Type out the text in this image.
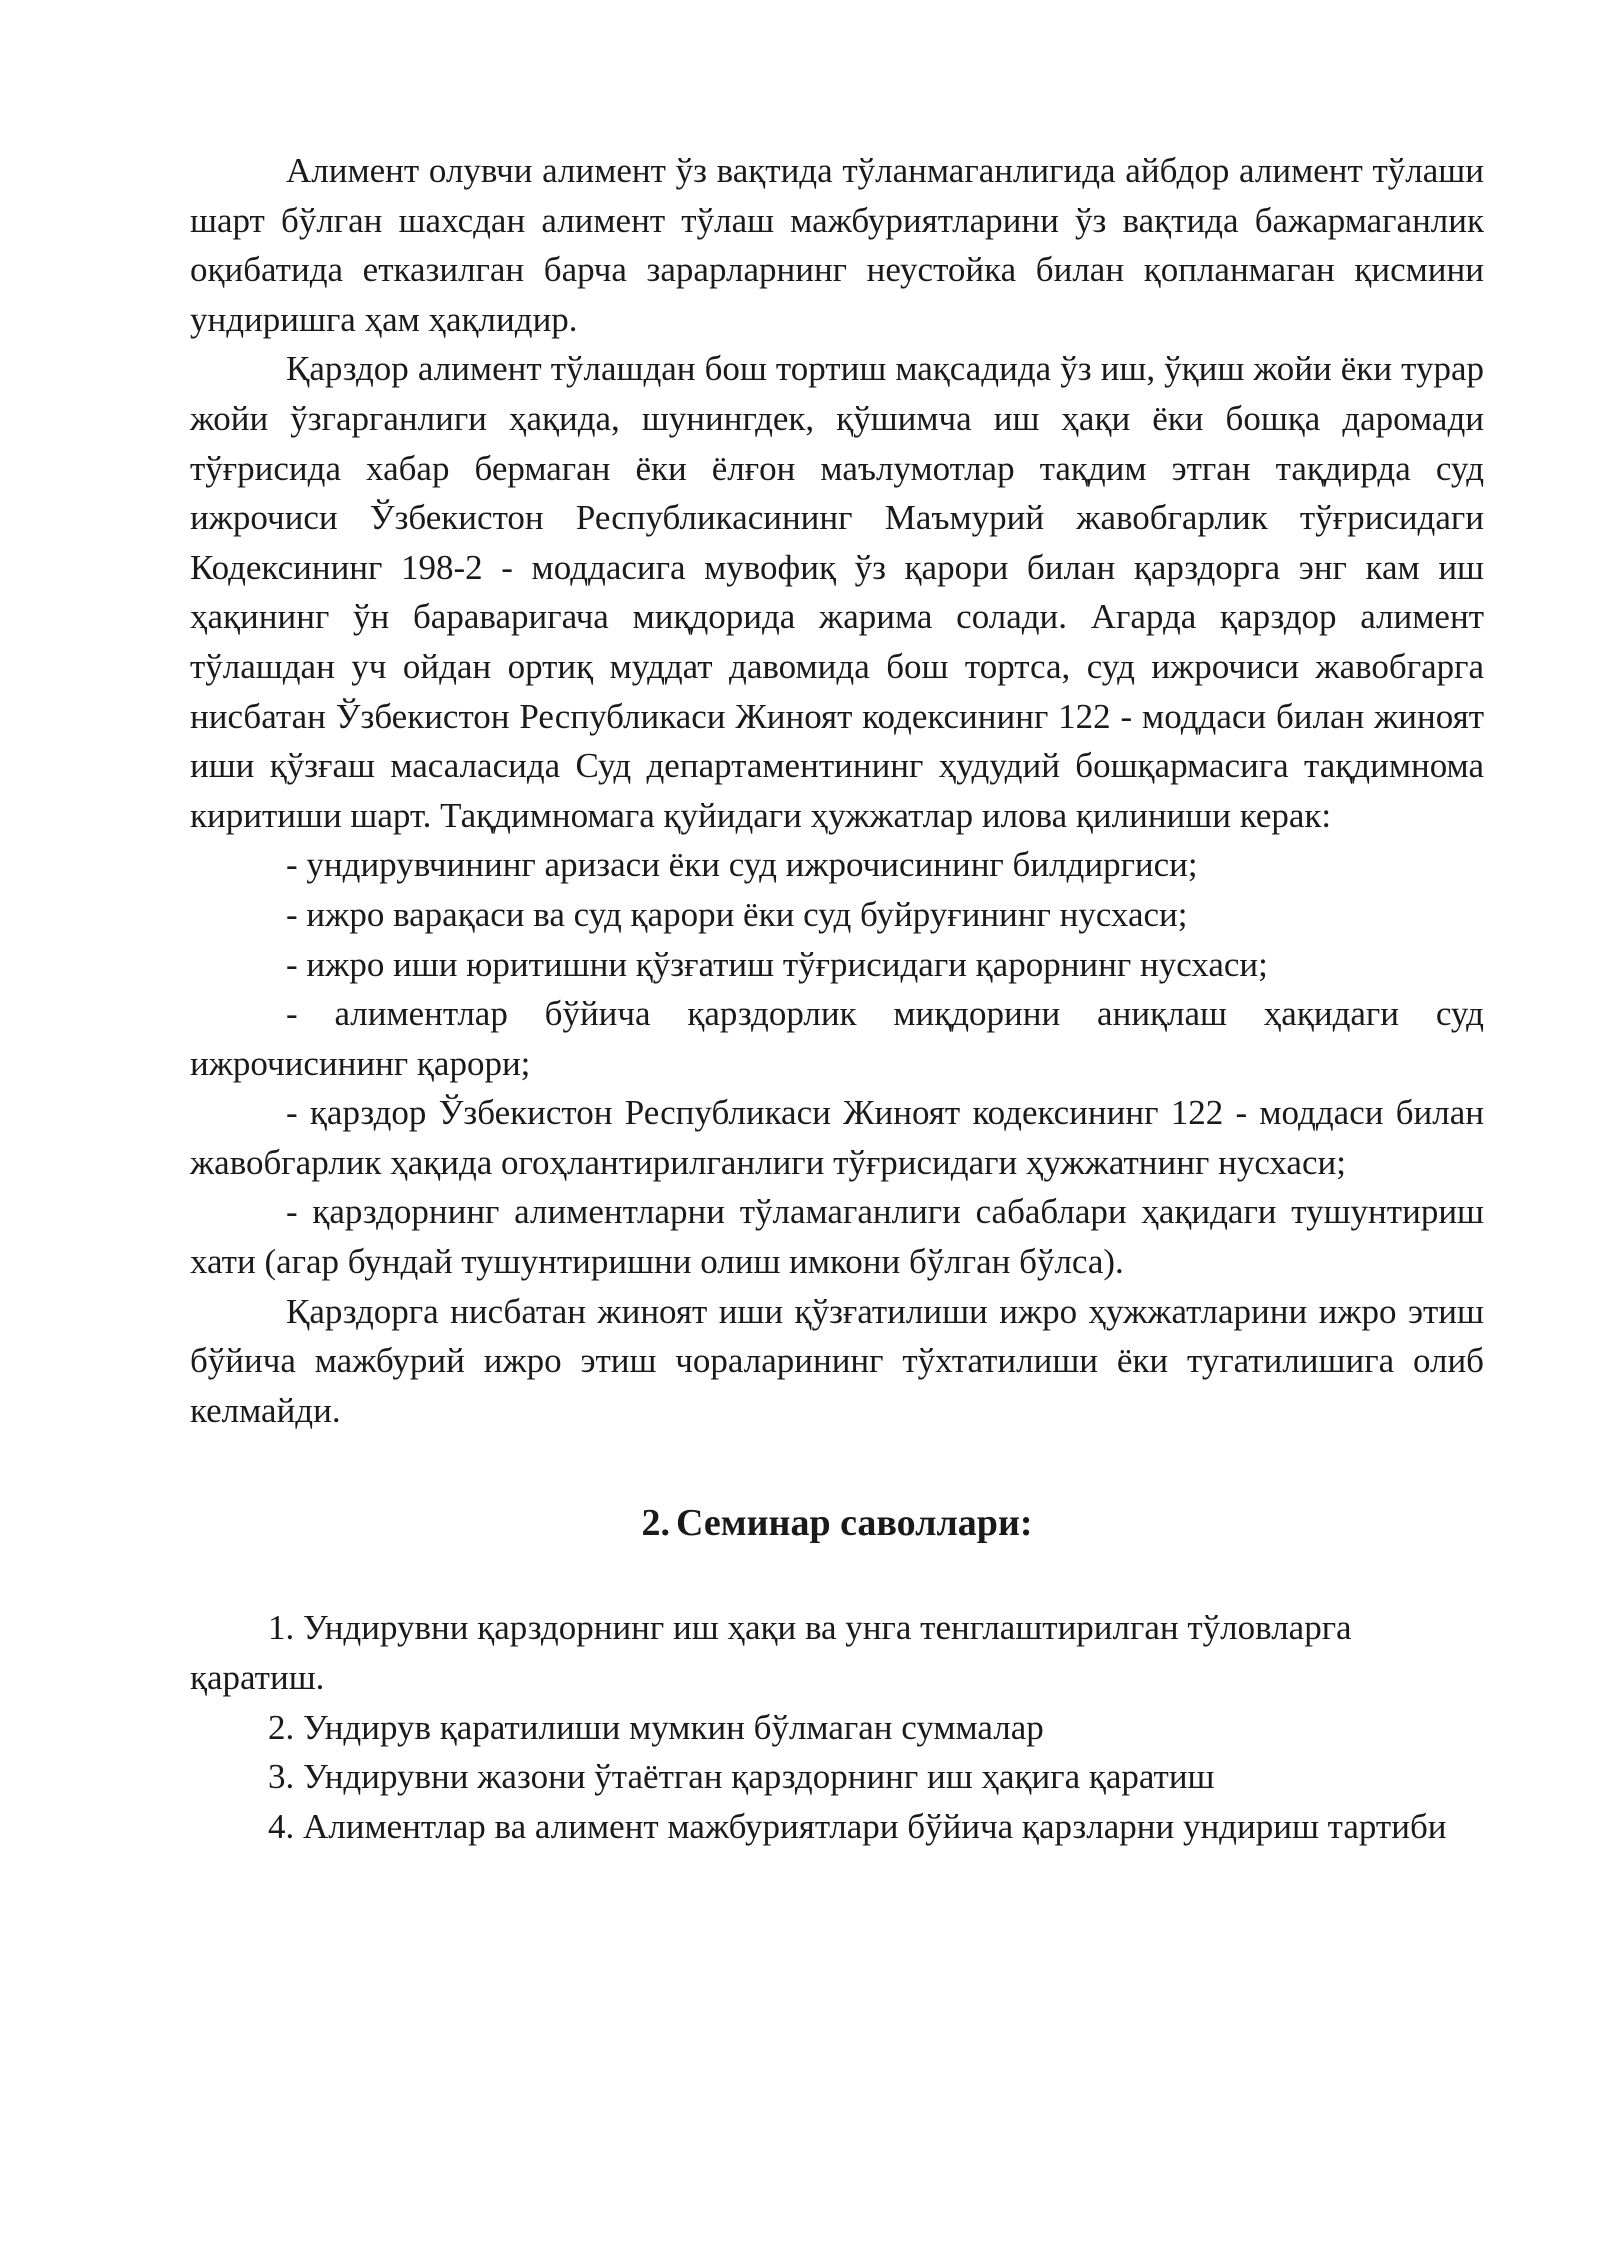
Алимент олувчи алимент ўз вақтида тўланмаганлигида айбдор алимент тўлаши шарт бўлган шахсдан алимент тўлаш мажбуриятларини ўз вақтида бажармаганлик оқибатида етказилган барча зарарларнинг неустойка билан қопланмаган қисмини ундиришга ҳам ҳақлидир.

Қарздор алимент тўлашдан бош тортиш мақсадида ўз иш, ўқиш жойи ёки турар жойи ўзгарганлиги ҳақида, шунингдек, қўшимча иш ҳақи ёки бошқа даромади тўғрисида хабар бермаган ёки ёлғон маълумотлар тақдим этган тақдирда суд ижрочиси Ўзбекистон Республикасининг Маъмурий жавобгарлик тўғрисидаги Кодексининг 198-2 - моддасига мувофиқ ўз қарори билан қарздорга энг кам иш ҳақининг ўн бараваригача миқдорида жарима солади. Агарда қарздор алимент тўлашдан уч ойдан ортиқ муддат давомида бош тортса, суд ижрочиси жавобгарга нисбатан Ўзбекистон Республикаси Жиноят кодексининг 122 - моддаси билан жиноят иши қўзғаш масаласида Суд департаментининг ҳудудий бошқармасига тақдимнома киритиши шарт. Тақдимномага қуйидаги ҳужжатлар илова қилиниши керак:

- ундирувчининг аризаси ёки суд ижрочисининг билдиргиси;

- ижро варақаси ва суд қарори ёки суд буйруғининг нусхаси;

- ижро иши юритишни қўзғатиш тўғрисидаги қарорнинг нусхаси;

- алиментлар бўйича қарздорлик миқдорини аниқлаш ҳақидаги суд ижрочисининг қарори;

- қарздор Ўзбекистон Республикаси Жиноят кодексининг 122 - моддаси билан жавобгарлик ҳақида огоҳлантирилганлиги тўғрисидаги ҳужжатнинг нусхаси;

- қарздорнинг алиментларни тўламаганлиги сабаблари ҳақидаги тушунтириш хати (агар бундай тушунтиришни олиш имкони бўлган бўлса).

Қарздорга нисбатан жиноят иши қўзғатилиши ижро ҳужжатларини ижро этиш бўйича мажбурий ижро этиш чораларининг тўхтатилиши ёки тугатилишига олиб келмайди.

2. Семинар саволлари:

1. Ундирувни қарздорнинг иш ҳақи ва унга тенглаштирилган тўловларга қаратиш.

2. Ундирув қаратилиши мумкин бўлмаган суммалар

3. Ундирувни жазони ўтаётган қарздорнинг иш ҳақига қаратиш

4. Алиментлар ва алимент мажбуриятлари бўйича қарзларни ундириш тартиби
